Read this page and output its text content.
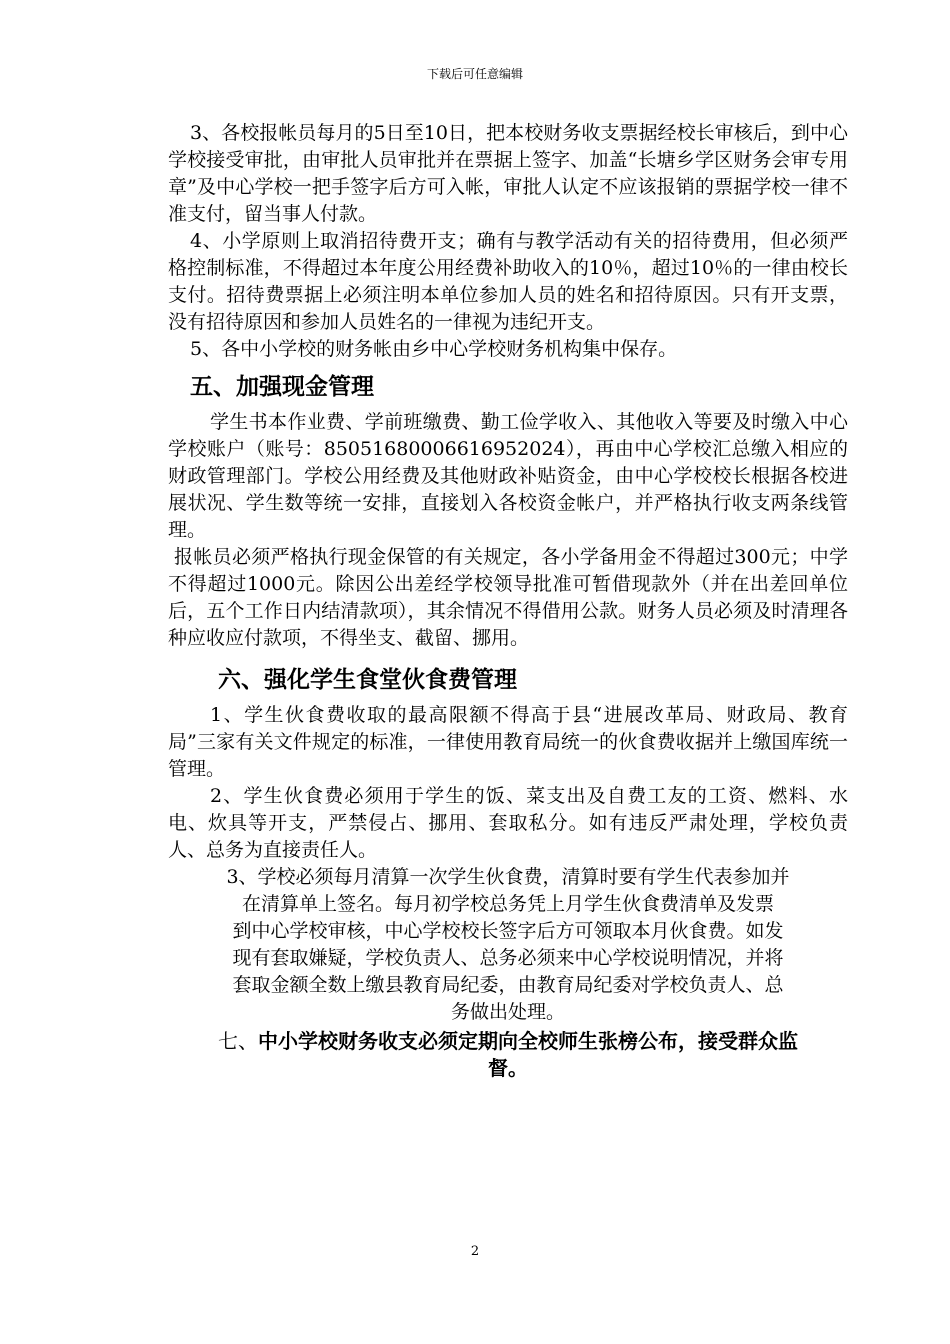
下载后可任意编辑

3、各校报帐员每月的5日至10日，把本校财务收支票据经校长审核后，到中心学校接受审批，由审批人员审批并在票据上签字、加盖“长塘乡学区财务会审专用章”及中心学校一把手签字后方可入帐，审批人认定不应该报销的票据学校一律不准支付，留当事人付款。

4、小学原则上取消招待费开支；确有与教学活动有关的招待费用，但必须严格控制标准，不得超过本年度公用经费补助收入的10％，超过10％的一律由校长支付。招待费票据上必须注明本单位参加人员的姓名和招待原因。只有开支票，没有招待原因和参加人员姓名的一律视为违纪开支。

5、各中小学校的财务帐由乡中心学校财务机构集中保存。

五、加强现金管理

学生书本作业费、学前班缴费、勤工俭学收入、其他收入等要及时缴入中心学校账户（账号：85051680006616952024），再由中心学校汇总缴入相应的财政管理部门。学校公用经费及其他财政补贴资金，由中心学校校长根据各校进展状况、学生数等统一安排，直接划入各校资金帐户，并严格执行收支两条线管理。

报帐员必须严格执行现金保管的有关规定，各小学备用金不得超过300元；中学不得超过1000元。除因公出差经学校领导批准可暂借现款外（并在出差回单位后，五个工作日内结清款项），其余情况不得借用公款。财务人员必须及时清理各种应收应付款项，不得坐支、截留、挪用。

六、强化学生食堂伙食费管理

1、学生伙食费收取的最高限额不得高于县“进展改革局、财政局、教育局”三家有关文件规定的标准，一律使用教育局统一的伙食费收据并上缴国库统一管理。

2、学生伙食费必须用于学生的饭、菜支出及自费工友的工资、燃料、水电、炊具等开支，严禁侵占、挪用、套取私分。如有违反严肃处理，学校负责人、总务为直接责任人。

3、学校必须每月清算一次学生伙食费，清算时要有学生代表参加并

在清算单上签名。每月初学校总务凭上月学生伙食费清单及发票

到中心学校审核，中心学校校长签字后方可领取本月伙食费。如发

现有套取嫌疑，学校负责人、总务必须来中心学校说明情况，并将

套取金额全数上缴县教育局纪委，由教育局纪委对学校负责人、总

务做出处理。

七、中小学校财务收支必须定期向全校师生张榜公布，接受群众监

督。

2
